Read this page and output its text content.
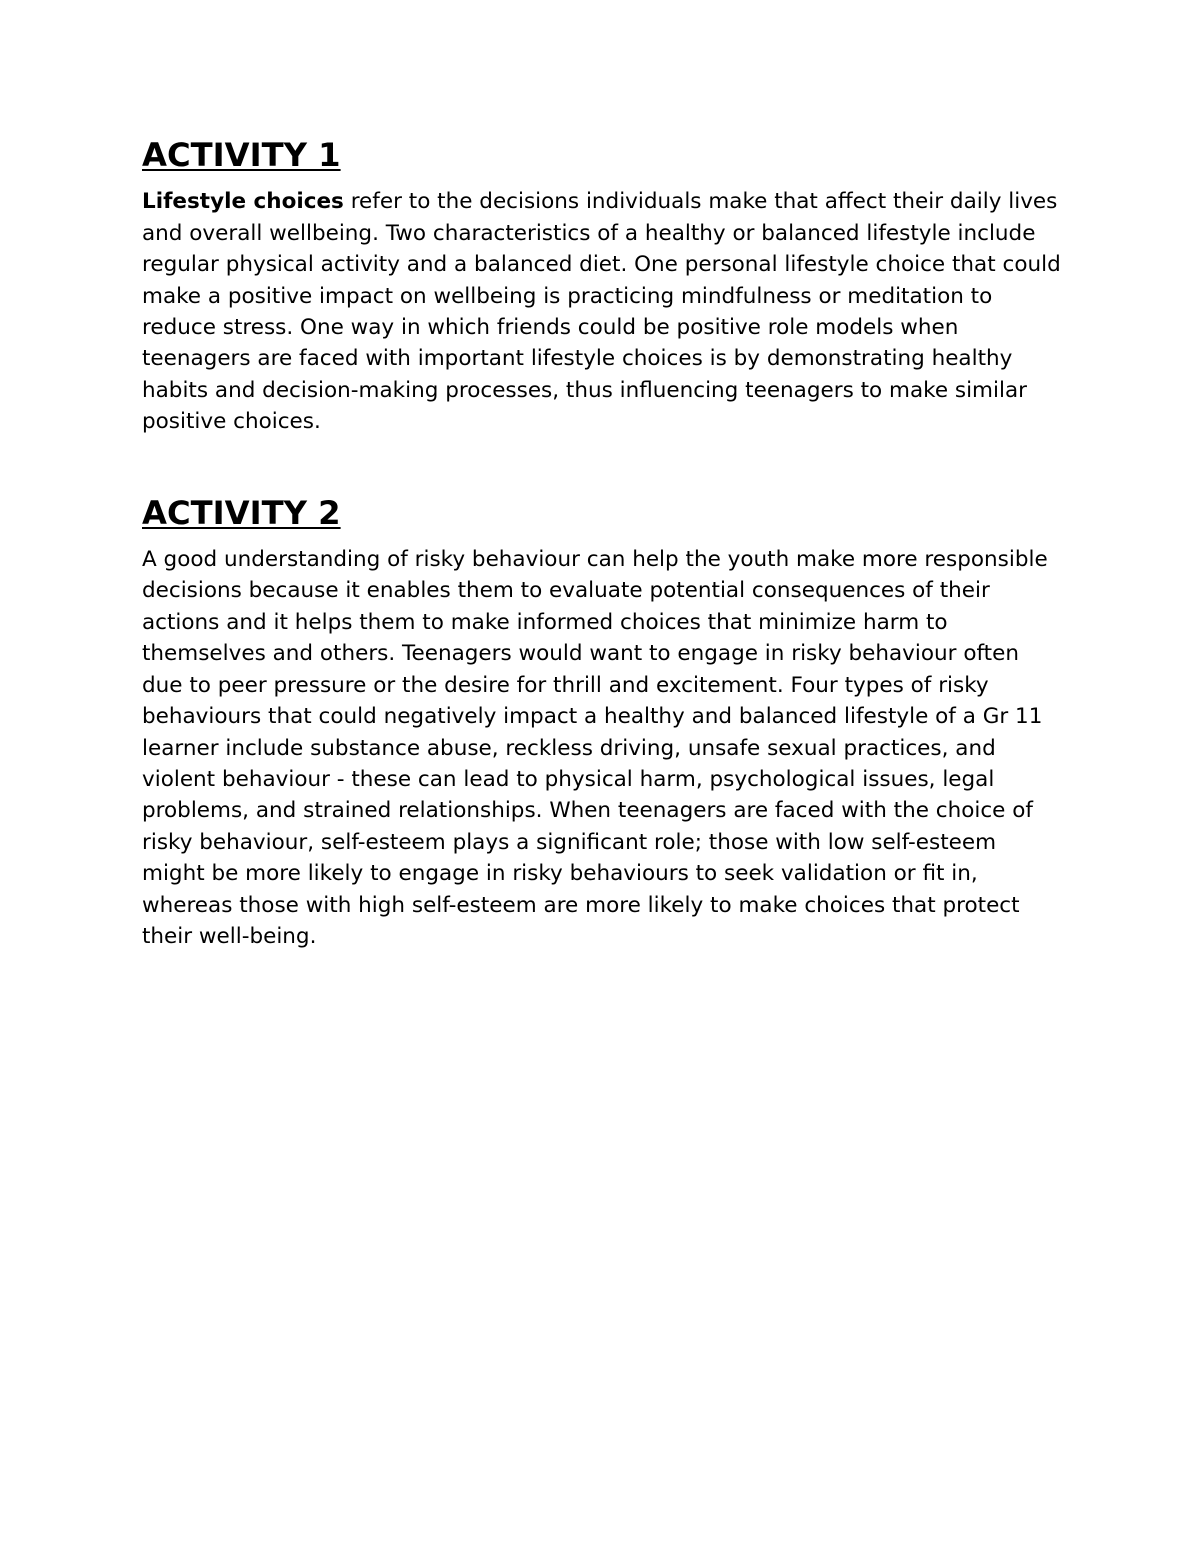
ACTIVITY 1

Lifestyle choices refer to the decisions individuals make that affect their daily lives and overall wellbeing. Two characteristics of a healthy or balanced lifestyle include regular physical activity and a balanced diet. One personal lifestyle choice that could make a positive impact on wellbeing is practicing mindfulness or meditation to reduce stress. One way in which friends could be positive role models when teenagers are faced with important lifestyle choices is by demonstrating healthy habits and decision-making processes, thus influencing teenagers to make similar positive choices.

ACTIVITY 2

A good understanding of risky behaviour can help the youth make more responsible decisions because it enables them to evaluate potential consequences of their actions and it helps them to make informed choices that minimize harm to themselves and others. Teenagers would want to engage in risky behaviour often due to peer pressure or the desire for thrill and excitement. Four types of risky behaviours that could negatively impact a healthy and balanced lifestyle of a Gr 11 learner include substance abuse, reckless driving, unsafe sexual practices, and violent behaviour - these can lead to physical harm, psychological issues, legal problems, and strained relationships. When teenagers are faced with the choice of risky behaviour, self-esteem plays a significant role; those with low self-esteem might be more likely to engage in risky behaviours to seek validation or fit in, whereas those with high self-esteem are more likely to make choices that protect their well-being.
